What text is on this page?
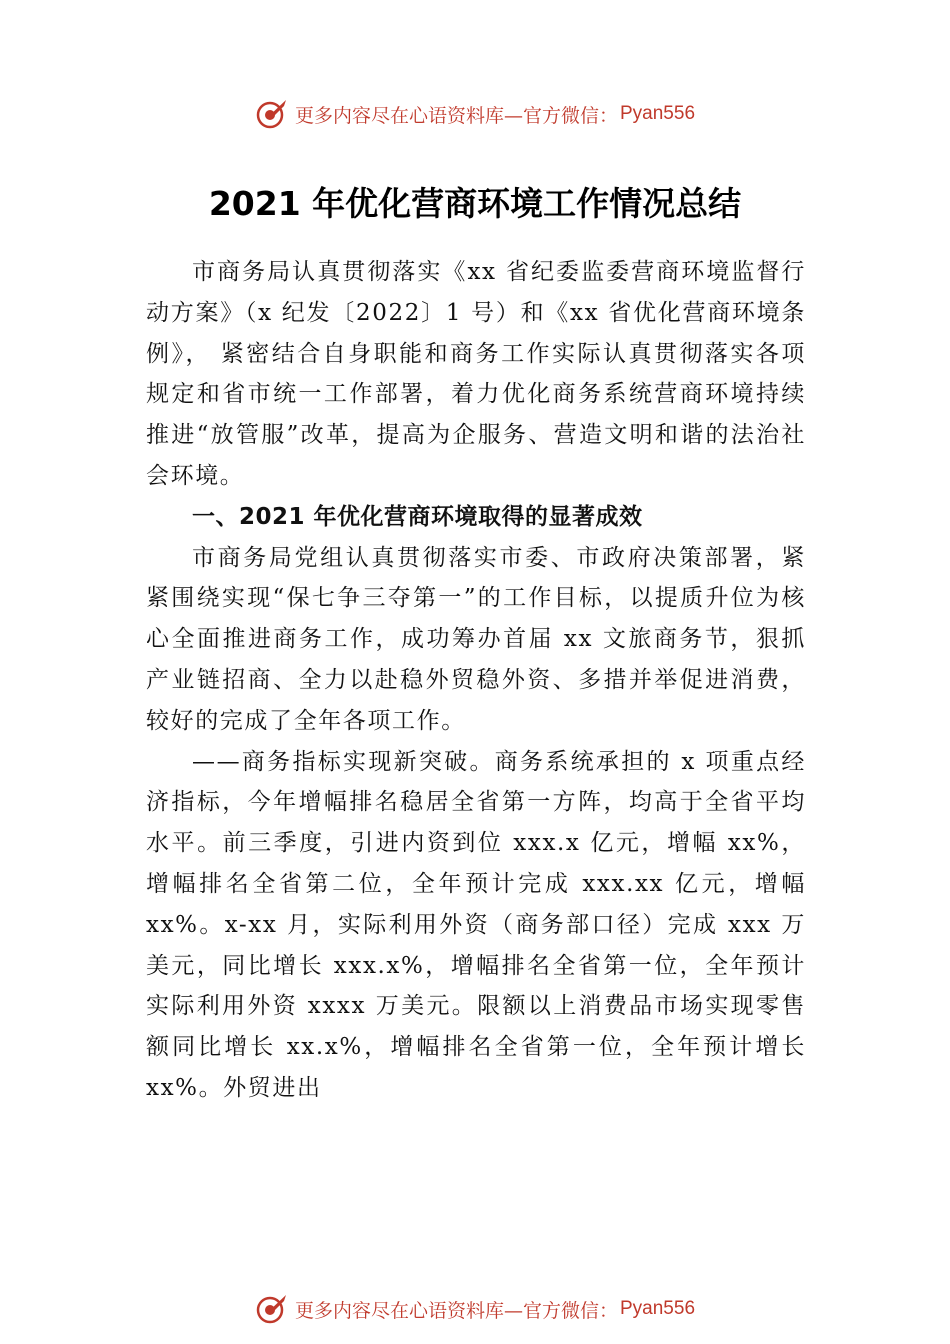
更多内容尽在心语资料库—官方微信： Pyan556
2021 年优化营商环境工作情况总结

市商务局认真贯彻落实《xx 省纪委监委营商环境监督行动方案》（x 纪发〔2022〕1 号）和《xx 省优化营商环境条例》， 紧密结合自身职能和商务工作实际认真贯彻落实各项规定和省市统一工作部署，着力优化商务系统营商环境持续推进“放管服”改革，提高为企服务、营造文明和谐的法治社会环境。

一、2021 年优化营商环境取得的显著成效

市商务局党组认真贯彻落实市委、市政府决策部署，紧紧围绕实现“保七争三夺第一”的工作目标，以提质升位为核心全面推进商务工作，成功筹办首届 xx 文旅商务节，狠抓产业链招商、全力以赴稳外贸稳外资、多措并举促进消费，较好的完成了全年各项工作。

——商务指标实现新突破。商务系统承担的 x 项重点经济指标，今年增幅排名稳居全省第一方阵，均高于全省平均水平。前三季度，引进内资到位 xxx.x 亿元，增幅 xx%，增幅排名全省第二位，全年预计完成 xxx.xx 亿元，增幅 xx%。x-xx 月，实际利用外资（商务部口径）完成 xxx 万美元，同比增长 xxx.x%，增幅排名全省第一位，全年预计实际利用外资 xxxx 万美元。限额以上消费品市场实现零售额同比增长 xx.x%，增幅排名全省第一位，全年预计增长 xx%。外贸进出

更多内容尽在心语资料库—官方微信： Pyan556
